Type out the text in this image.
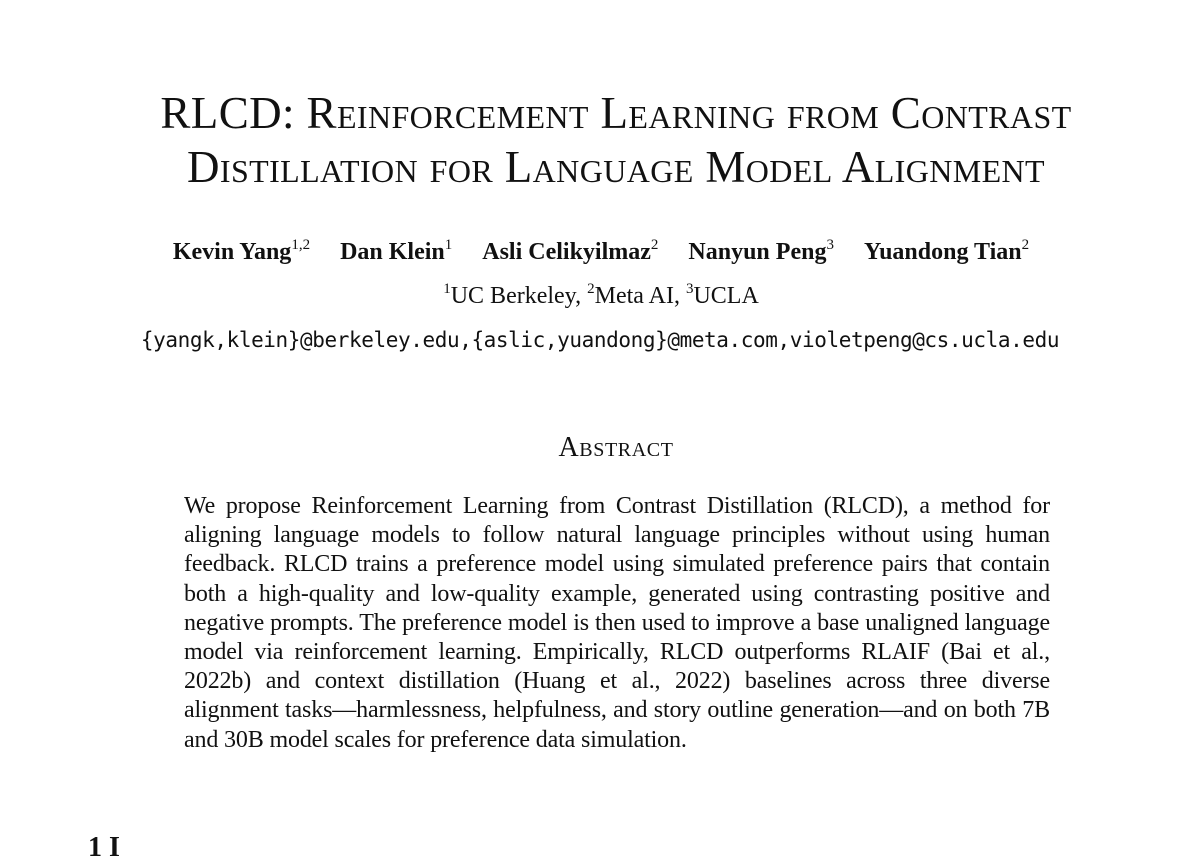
RLCD: Reinforcement Learning from Contrast
Distillation for Language Model Alignment
Kevin Yang$^{1,2}$ Dan Klein$^1$ Asli Celikyilmaz$^2$ Nanyun Peng$^3$ Yuandong Tian$^2$
$^1$UC Berkeley, $^2$Meta AI, $^3$UCLA
{yangk,klein}@berkeley.edu,{aslic,yuandong}@meta.com,violetpeng@cs.ucla.edu
Abstract

We propose Reinforcement Learning from Contrast Distillation (RLCD), a method for aligning language models to follow natural language principles without using human feedback. RLCD trains a preference model using simulated preference pairs that contain both a high-quality and low-quality example, generated using contrasting positive and negative prompts. The preference model is then used to improve a base unaligned language model via reinforcement learning. Empirically, RLCD outperforms RLAIF (Bai et al., 2022b) and context distillation (Huang et al., 2022) baselines across three diverse alignment tasks—harmlessness, helpfulness, and story outline generation—and on both 7B and 30B model scales for preference data simulation.

1 I
